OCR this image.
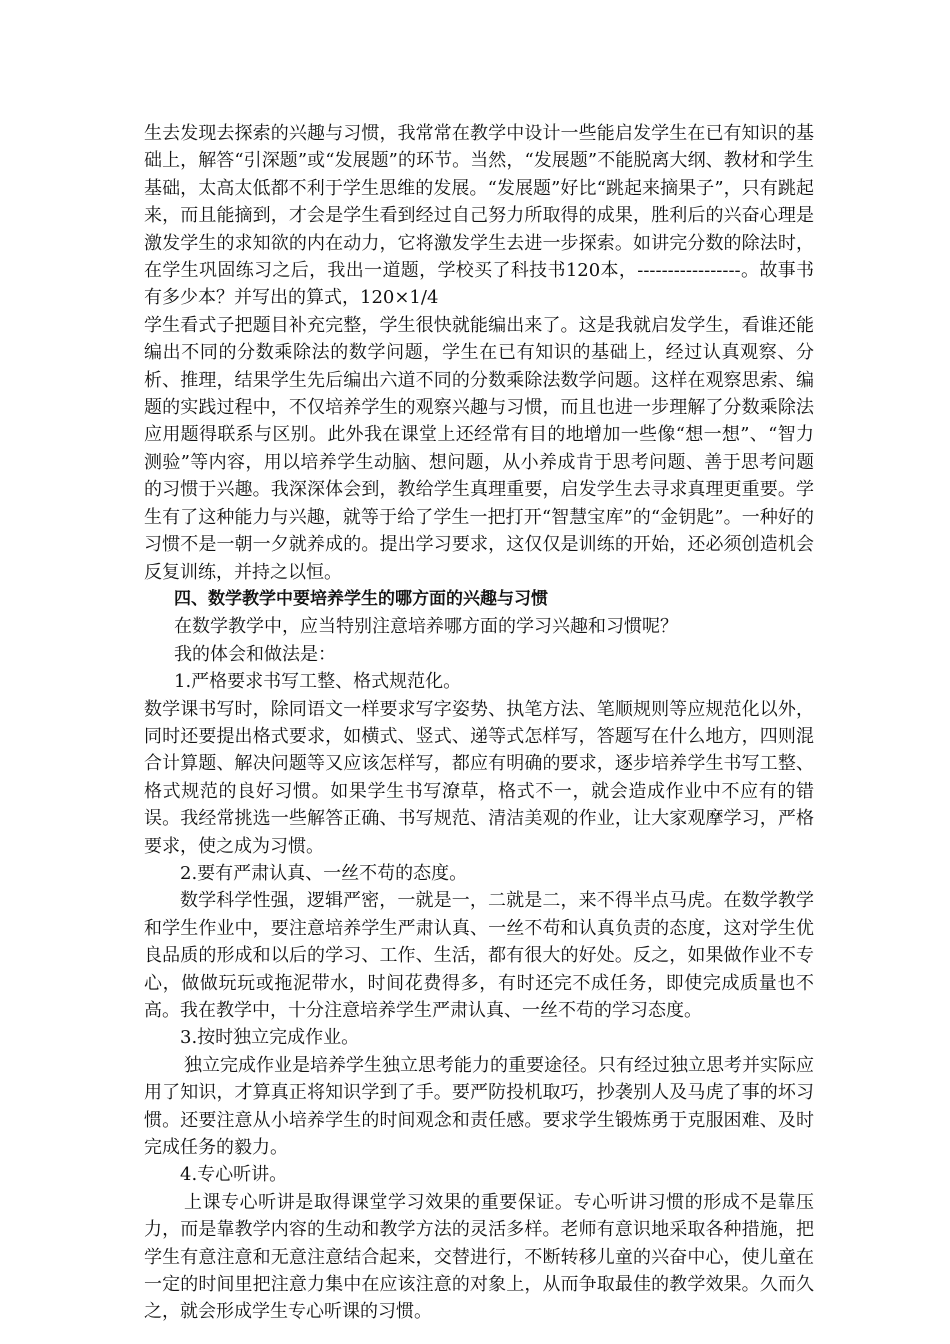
生去发现去探索的兴趣与习惯，我常常在教学中设计一些能启发学生在已有知识的基础上，解答“引深题”或“发展题”的环节。当然，“发展题”不能脱离大纲、教材和学生基础，太高太低都不利于学生思维的发展。“发展题”好比“跳起来摘果子”，只有跳起来，而且能摘到，才会是学生看到经过自己努力所取得的成果，胜利后的兴奋心理是激发学生的求知欲的内在动力，它将激发学生去进一步探索。如讲完分数的除法时，在学生巩固练习之后，我出一道题，学校买了科技书120本，-----------------。故事书有多少本？并写出的算式，120×1/4

学生看式子把题目补充完整，学生很快就能编出来了。这是我就启发学生，看谁还能编出不同的分数乘除法的数学问题，学生在已有知识的基础上，经过认真观察、分析、推理，结果学生先后编出六道不同的分数乘除法数学问题。这样在观察思索、编题的实践过程中，不仅培养学生的观察兴趣与习惯，而且也进一步理解了分数乘除法应用题得联系与区别。此外我在课堂上还经常有目的地增加一些像“想一想”、“智力测验”等内容，用以培养学生动脑、想问题，从小养成肯于思考问题、善于思考问题的习惯于兴趣。我深深体会到，教给学生真理重要，启发学生去寻求真理更重要。学生有了这种能力与兴趣，就等于给了学生一把打开“智慧宝库”的“金钥匙”。一种好的习惯不是一朝一夕就养成的。提出学习要求，这仅仅是训练的开始，还必须创造机会反复训练，并持之以恒。

四、数学教学中要培养学生的哪方面的兴趣与习惯

在数学教学中，应当特别注意培养哪方面的学习兴趣和习惯呢？

我的体会和做法是：

1.严格要求书写工整、格式规范化。

数学课书写时，除同语文一样要求写字姿势、执笔方法、笔顺规则等应规范化以外，同时还要提出格式要求，如横式、竖式、递等式怎样写，答题写在什么地方，四则混合计算题、解决问题等又应该怎样写，都应有明确的要求，逐步培养学生书写工整、格式规范的良好习惯。如果学生书写潦草，格式不一，就会造成作业中不应有的错误。我经常挑选一些解答正确、书写规范、清洁美观的作业，让大家观摩学习，严格要求，使之成为习惯。

2.要有严肃认真、一丝不苟的态度。

数学科学性强，逻辑严密，一就是一，二就是二，来不得半点马虎。在数学教学和学生作业中，要注意培养学生严肃认真、一丝不苟和认真负责的态度，这对学生优良品质的形成和以后的学习、工作、生活，都有很大的好处。反之，如果做作业不专心，做做玩玩或拖泥带水，时间花费得多，有时还完不成任务，即使完成质量也不高。我在教学中，十分注意培养学生严肃认真、一丝不苟的学习态度。

3.按时独立完成作业。

独立完成作业是培养学生独立思考能力的重要途径。只有经过独立思考并实际应用了知识，才算真正将知识学到了手。要严防投机取巧，抄袭别人及马虎了事的坏习惯。还要注意从小培养学生的时间观念和责任感。要求学生锻炼勇于克服困难、及时完成任务的毅力。

4.专心听讲。

上课专心听讲是取得课堂学习效果的重要保证。专心听讲习惯的形成不是靠压力，而是靠教学内容的生动和教学方法的灵活多样。老师有意识地采取各种措施，把学生有意注意和无意注意结合起来，交替进行，不断转移儿童的兴奋中心，使儿童在一定的时间里把注意力集中在应该注意的对象上，从而争取最佳的教学效果。久而久之，就会形成学生专心听课的习惯。
